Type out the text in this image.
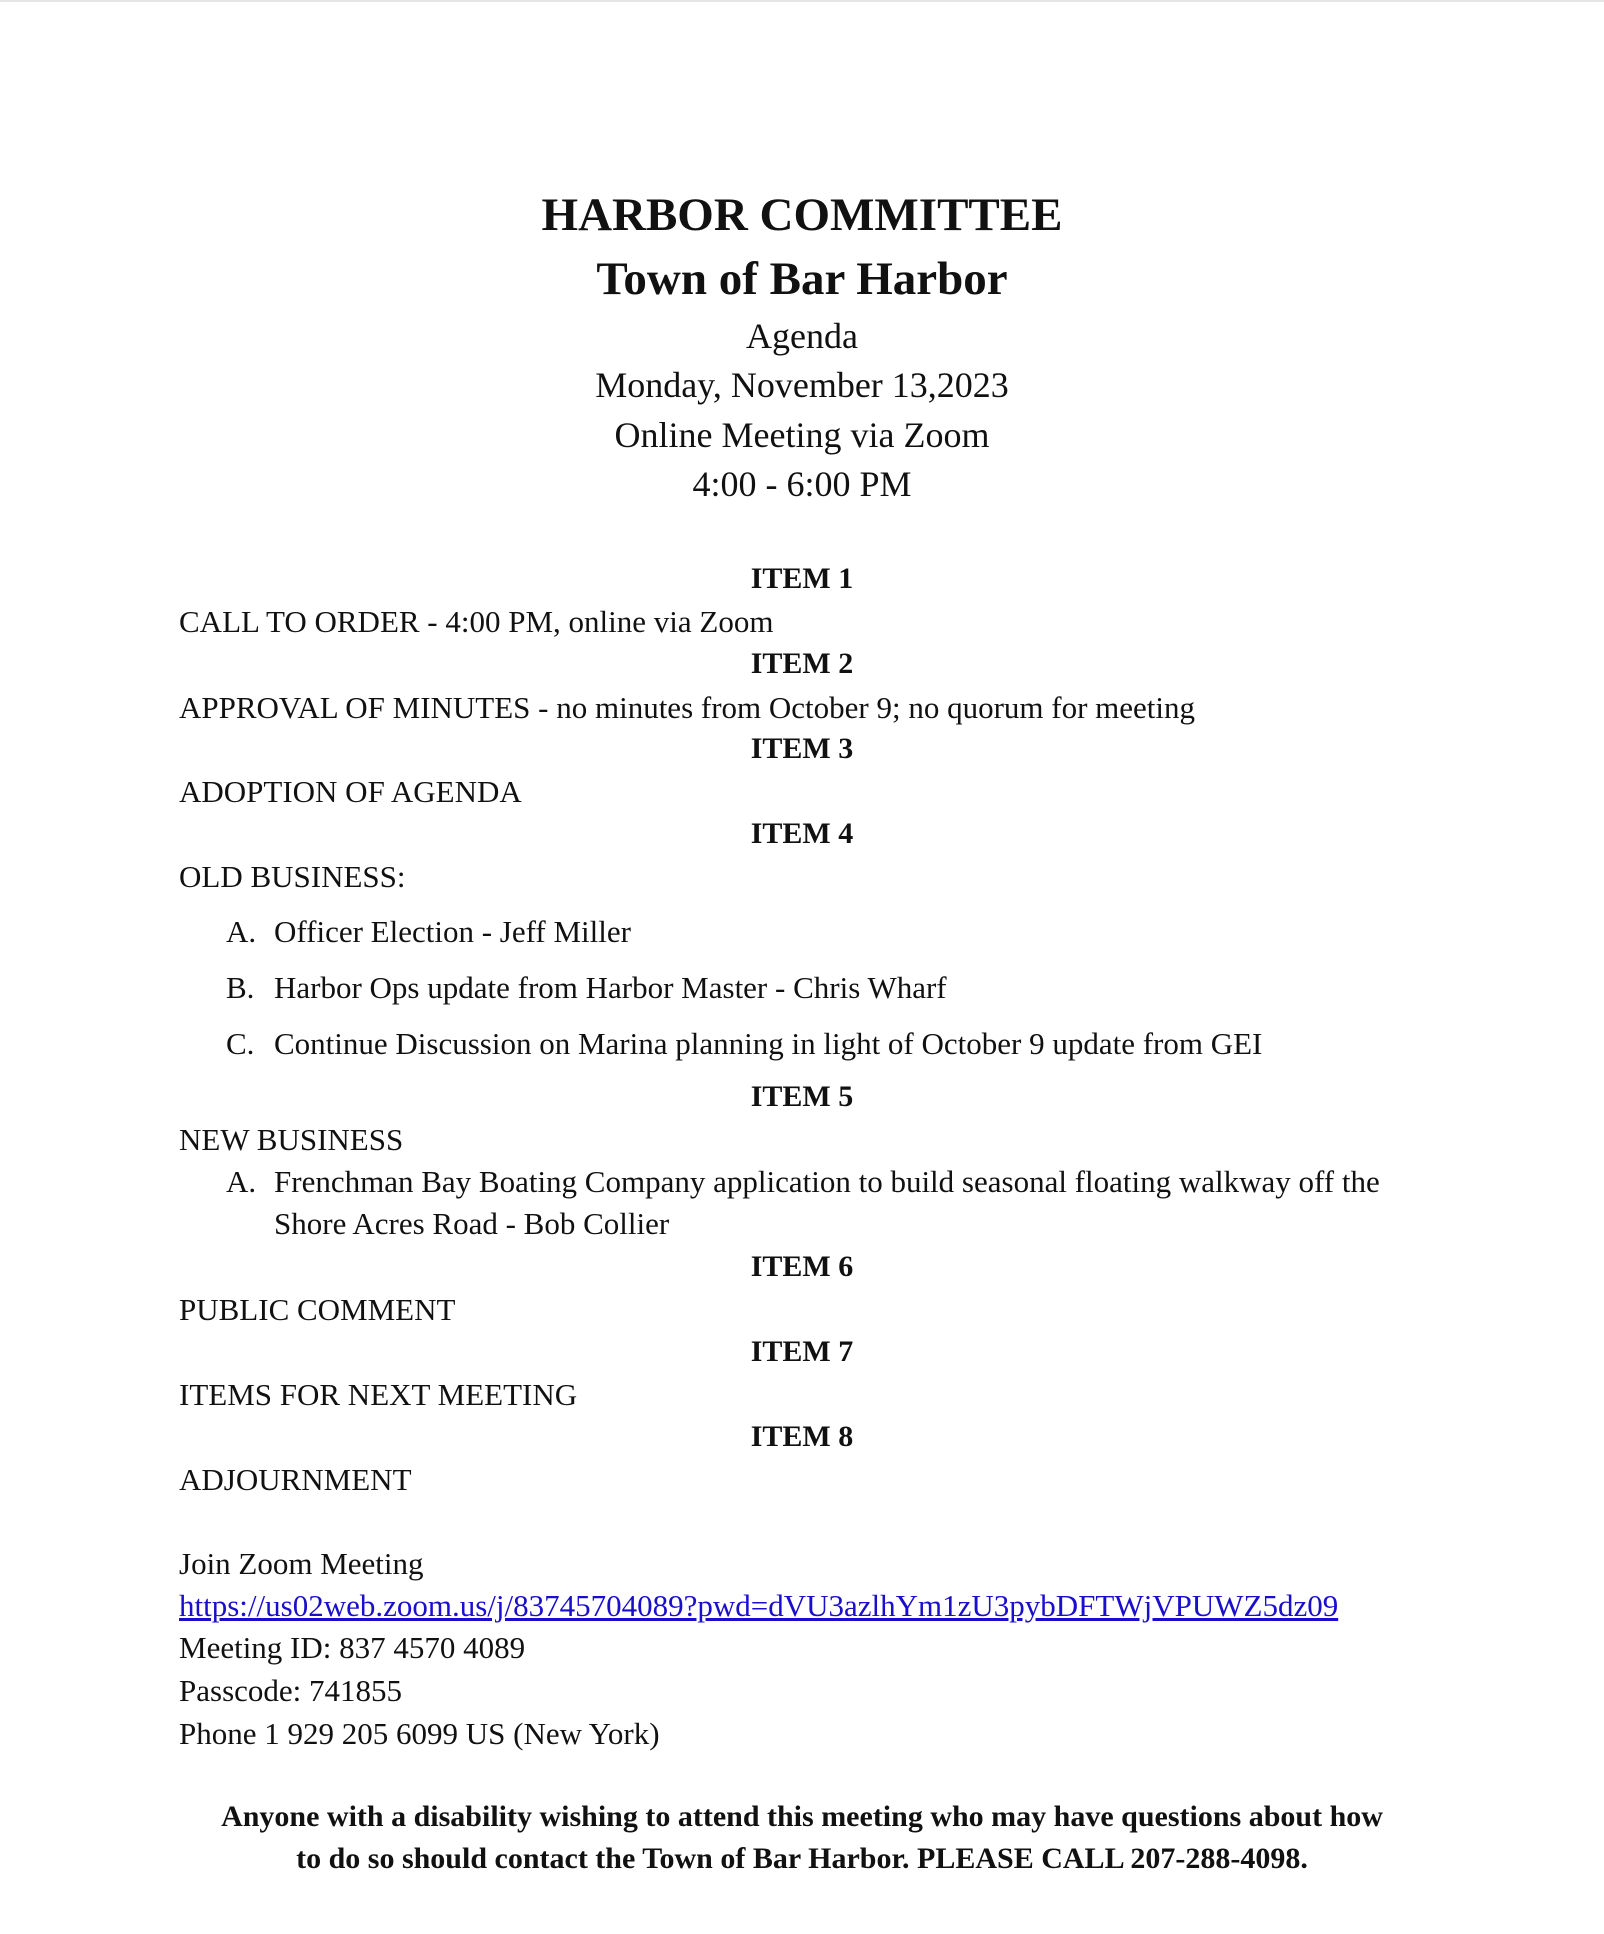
HARBOR COMMITTEE
Town of Bar Harbor
Agenda
Monday, November 13,2023
Online Meeting via Zoom
4:00 - 6:00 PM
ITEM 1
CALL TO ORDER - 4:00 PM, online via Zoom
ITEM 2
APPROVAL OF MINUTES - no minutes from October 9; no quorum for meeting
ITEM 3
ADOPTION OF AGENDA
ITEM 4
OLD BUSINESS:
A. Officer Election - Jeff Miller
B. Harbor Ops update from Harbor Master - Chris Wharf
C. Continue Discussion on Marina planning in light of October 9 update from GEI
ITEM 5
NEW BUSINESS
A. Frenchman Bay Boating Company application to build seasonal floating walkway off the
Shore Acres Road - Bob Collier
ITEM 6
PUBLIC COMMENT
ITEM 7
ITEMS FOR NEXT MEETING
ITEM 8
ADJOURNMENT
Join Zoom Meeting
https://us02web.zoom.us/j/83745704089?pwd=dVU3azlhYm1zU3pybDFTWjVPUWZ5dz09
Meeting ID: 837 4570 4089
Passcode: 741855
Phone 1 929 205 6099 US (New York)
Anyone with a disability wishing to attend this meeting who may have questions about how
to do so should contact the Town of Bar Harbor. PLEASE CALL 207-288-4098.
